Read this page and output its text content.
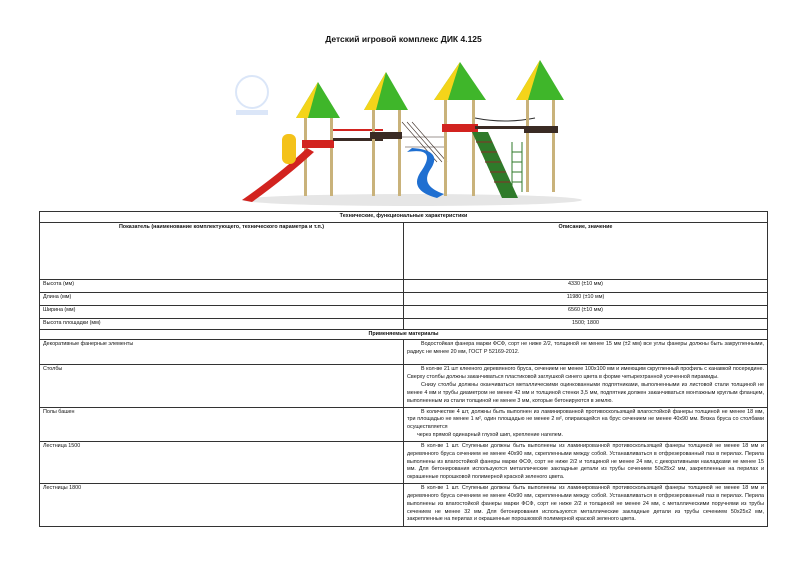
Детский игровой комплекс ДИК 4.125
Технические, функциональные характеристики	
Показатель (наименование комплектующего, технического параметра и т.п.)	Описание, значение
Высота (мм)	4330 (±10 мм)
Длина (мм)	11980 (±10 мм)
Ширина (мм)	6560 (±10 мм)
Высота площадки (мм)	1500; 1800
Применяемые материалы	
Декоративные фанерные элементы	Водостойкая фанера марки ФСФ, сорт не ниже 2/2, толщиной не менее 15 мм (±2 мм) все углы фанеры должны быть закругленными, радиус не менее 20 мм, ГОСТ Р 52169-2012.

Столбы	В кол-ве 21 шт клееного деревянного бруса, сечением не менее 100х100 мм и имеющим скругленный профиль с канавкой посередине. Сверху столбы должны заканчиваться пластиковой заглушкой синего цвета в форме четырехгранной усеченной пирамиды.

Снизу столбы должны оканчиваться металлическими оцинкованными подпятниками, выполненными из листовой стали толщиной не менее 4 мм и трубы диаметром не менее 42 мм и толщиной стенки 3,5 мм, подпятник должен заканчиваться монтажным круглым фланцем, выполненным из стали толщиной не менее 3 мм, которые бетонируются в землю.

Полы башен	В количестве 4 шт, должны быть выполнен из ламинированной противоскользящей влагостойкой фанеры толщиной не менее 18 мм, три площадью не менее 1 м², один площадью не менее 2 м², опирающейся на брус сечением не менее 40х90 мм. Вязка бруса со столбами осуществляется

через прямой одинарный глухой шип, крепление нагелем.

Лестница 1500	В кол-ве 1 шт. Ступеньки должны быть выполнены из ламинированной противоскользящей фанеры толщиной не менее 18 мм и деревянного бруса сечением не менее 40х90 мм, скрепленными между собой. Устанавливаться в отфрезерованный паз в перилах. Перила выполнены из влагостойкой фанеры марки ФСФ, сорт не ниже 2/2 и толщиной не менее 24 мм, с декоративными накладками не менее 15 мм. Для бетонирования используются металлические закладные детали из трубы сечением 50х25х2 мм, закрепленные на перилах и окрашенные порошковой полимерной краской зеленого цвета.

Лестницы 1800	В кол-ве 1 шт. Ступеньки должны быть выполнены из ламинированной противоскользящей фанеры толщиной не менее 18 мм и деревянного бруса сечением не менее 40х90 мм, скрепленными между собой. Устанавливаться в отфрезерованный паз в перилах. Перила выполнены из влагостойкой фанеры марки ФСФ, сорт не ниже 2/2 и толщиной не менее 24 мм, с металлическими поручнями из трубы сечением не менее 32 мм. Для бетонирования используются металлические закладные детали из трубы сечением 50х25х2 мм, закрепленные на перилах и окрашенные порошковой полимерной краской зеленого цвета.
